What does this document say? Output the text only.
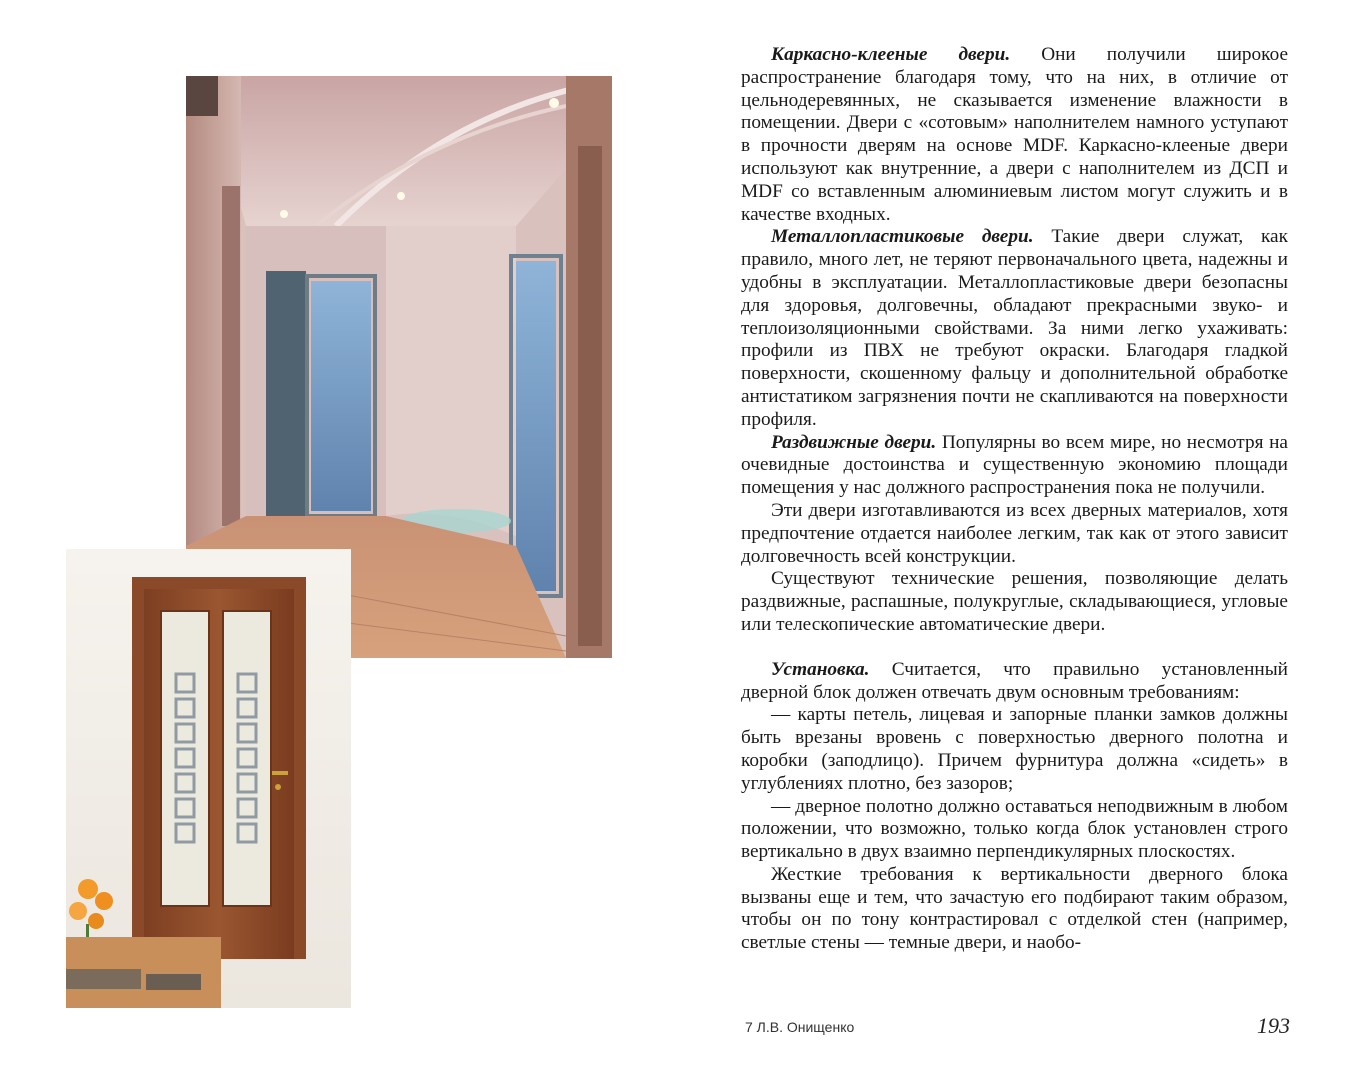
Каркасно-клееные двери. Они получили широкое распространение благодаря тому, что на них, в отличие от цельнодеревянных, не сказывается изменение влажности в помещении. Двери с «сотовым» наполнителем намного уступают в прочности дверям на основе MDF. Каркасно-клееные двери используют как внутренние, а двери с наполнителем из ДСП и MDF со вставленным алюминиевым листом могут служить и в качестве входных.

Металлопластиковые двери. Такие двери служат, как правило, много лет, не теряют первоначального цвета, надежны и удобны в эксплуатации. Металлопластиковые двери безопасны для здоровья, долговечны, обладают прекрасными звуко- и теплоизоляционными свойствами. За ними легко ухаживать: профили из ПВХ не требуют окраски. Благодаря гладкой поверхности, скошенному фальцу и дополнительной обработке антистатиком загрязнения почти не скапливаются на поверхности профиля.

Раздвижные двери. Популярны во всем мире, но несмотря на очевидные достоинства и существенную экономию площади помещения у нас должного распространения пока не получили.

Эти двери изготавливаются из всех дверных материалов, хотя предпочтение отдается наиболее легким, так как от этого зависит долговечность всей конструкции.

Существуют технические решения, позволяющие делать раздвижные, распашные, полукруглые, складывающиеся, угловые или телескопические автоматические двери.

Установка. Считается, что правильно установленный дверной блок должен отвечать двум основным требованиям:

— карты петель, лицевая и запорные планки замков должны быть врезаны вровень с поверхностью дверного полотна и коробки (заподлицо). Причем фурнитура должна «сидеть» в углублениях плотно, без зазоров;

— дверное полотно должно оставаться неподвижным в любом положении, что возможно, только когда блок установлен строго вертикально в двух взаимно перпендикулярных плоскостях.

Жесткие требования к вертикальности дверного блока вызваны еще и тем, что зачастую его подбирают таким образом, чтобы он по тону контрастировал с отделкой стен (например, светлые стены — темные двери, и наобо-

7 Л.В. Онищенко	193
